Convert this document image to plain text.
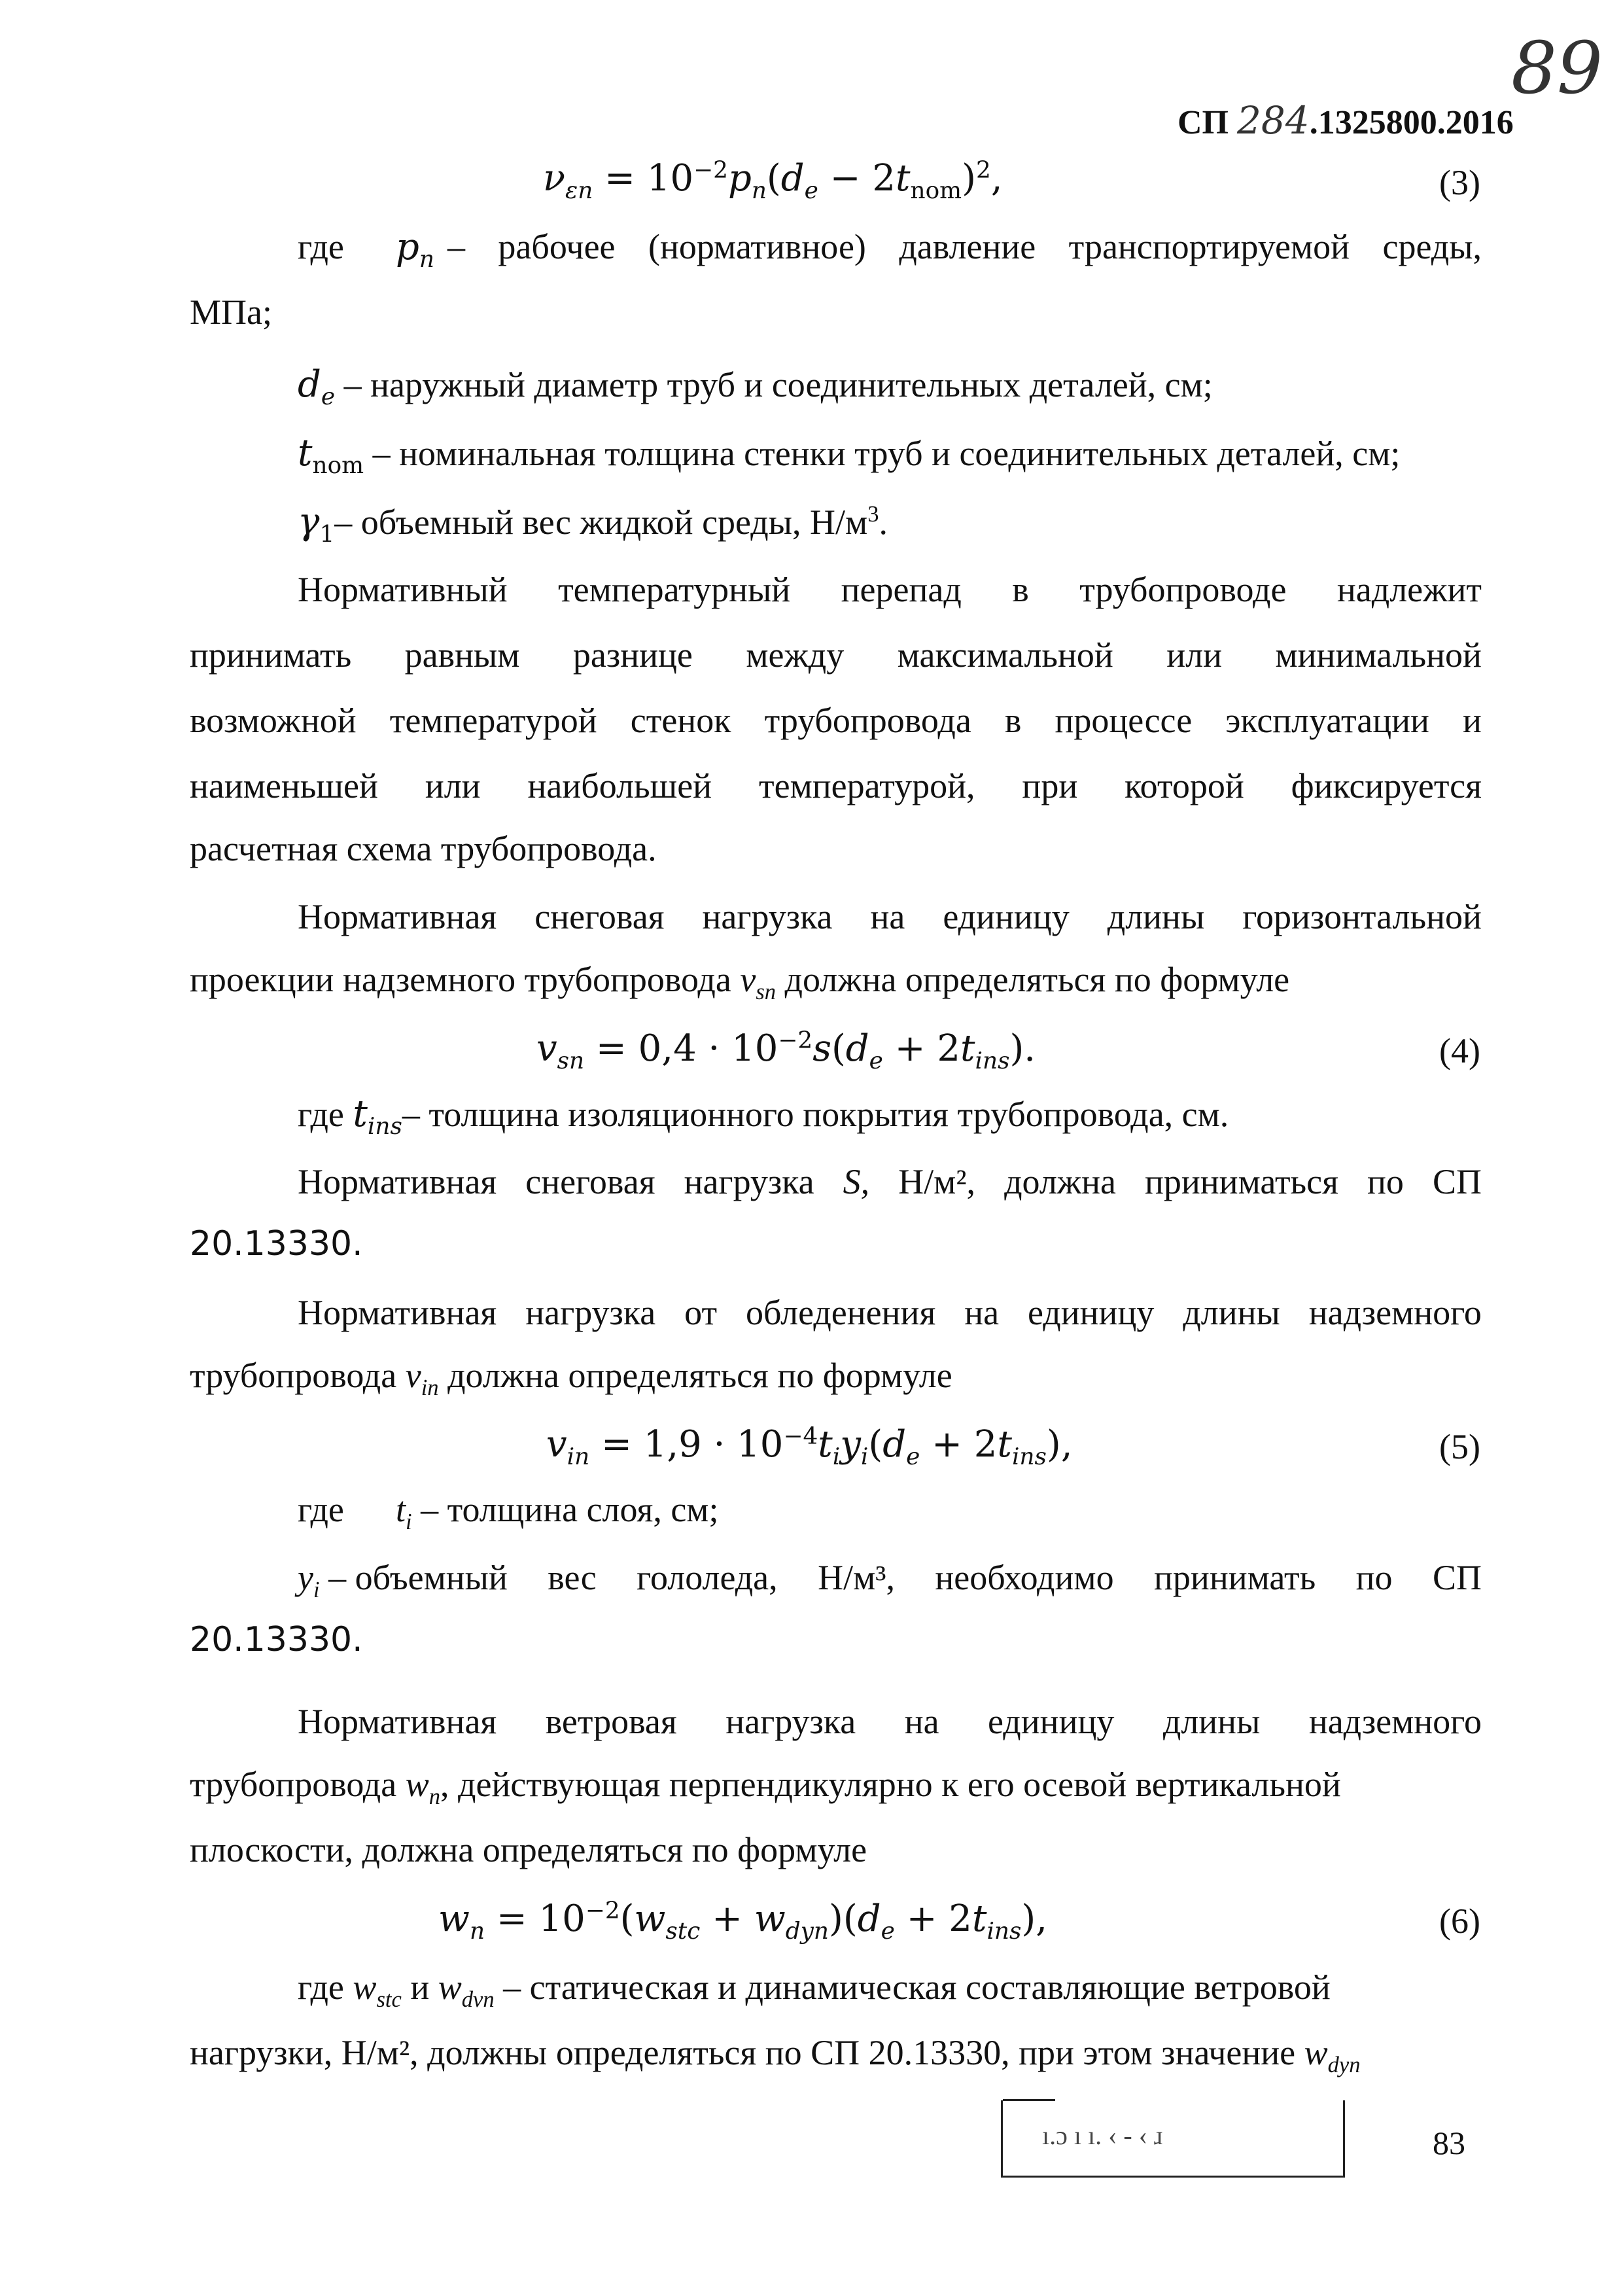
89
СП 284.1325800.2016
$\nu_{\varepsilon n} = 10^{-2}p_n(d_e - 2t_{nom})^2$,	(3)
где	$p_n$ – рабочее (нормативное) давление транспортируемой среды,
МПа;
$d_e$ – наружный диаметр труб и соединительных деталей, см;
$t_{nom}$ – номинальная толщина стенки труб и соединительных деталей, см;
$\gamma_1-$ объемный вес жидкой среды, $Н/м^3$.
Нормативный температурный перепад в трубопроводе надлежит
принимать равным разнице между максимальной или минимальной
возможной температурой стенок трубопровода в процессе эксплуатации и
наименьшей или наибольшей температурой, при которой фиксируется
расчетная схема трубопровода.
Нормативная снеговая нагрузка на единицу длины горизонтальной
проекции надземного трубопровода $v_{sn}$ должна определяться по формуле
$v_{sn} = 0,4 \cdot 10^{-2}s(d_e + 2t_{ins})$.	(4)
где $t_{ins}-$ толщина изоляционного покрытия трубопровода, см.
Нормативная снеговая нагрузка S, Н/м², должна приниматься по СП
20.13330.
Нормативная нагрузка от обледенения на единицу длины надземного
трубопровода $v_{in}$ должна определяться по формуле
$v_{in} = 1,9 \cdot 10^{-4}t_iy_i(d_e + 2t_{ins})$,	(5)
где $t_i$ – толщина слоя, см;
$y_i$ – объемный вес гололеда, Н/м³, необходимо принимать по СП
20.13330.
Нормативная ветровая нагрузка на единицу длины надземного
трубопровода $w_n$, действующая перпендикулярно к его осевой вертикальной
плоскости, должна определяться по формуле
$w_n = 10^{-2}(w_{stc} + w_{dyn})(d_e + 2t_{ins})$,	(6)
где $w_{stc}$ и $w_{dvn}$ – статическая и динамическая составляющие ветровой
нагрузки, Н/м², должны определяться по СП 20.13330, при этом значение $w_{dyn}$
ı.ɔ ı ı. ‹ - ‹ ɹ	83
